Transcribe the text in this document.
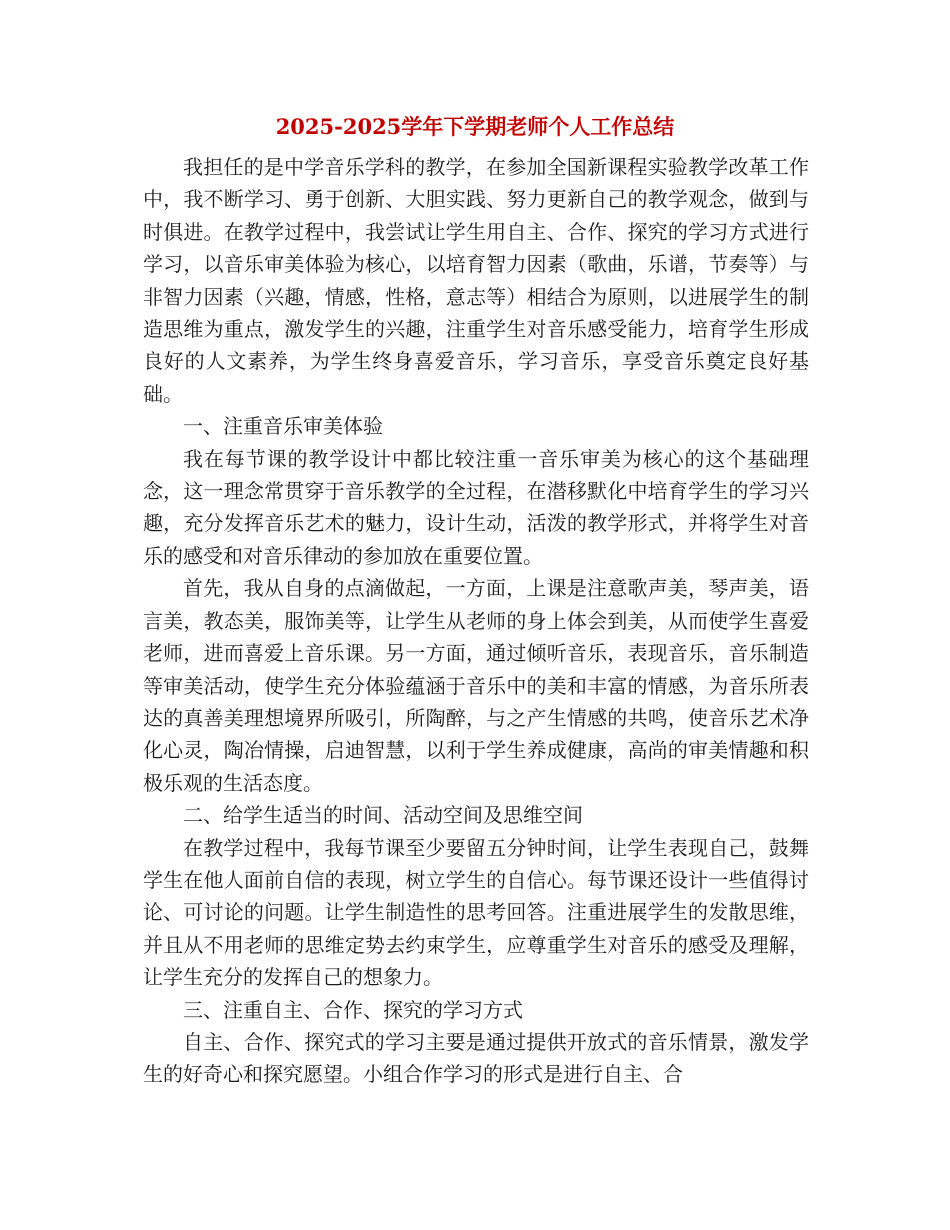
2025-2025学年下学期老师个人工作总结

我担任的是中学音乐学科的教学，在参加全国新课程实验教学改革工作中，我不断学习、勇于创新、大胆实践、努力更新自己的教学观念，做到与时俱进。在教学过程中，我尝试让学生用自主、合作、探究的学习方式进行学习，以音乐审美体验为核心，以培育智力因素（歌曲，乐谱，节奏等）与非智力因素（兴趣，情感，性格，意志等）相结合为原则，以进展学生的制造思维为重点，激发学生的兴趣，注重学生对音乐感受能力，培育学生形成良好的人文素养，为学生终身喜爱音乐，学习音乐，享受音乐奠定良好基础。

一、注重音乐审美体验

我在每节课的教学设计中都比较注重一音乐审美为核心的这个基础理念，这一理念常贯穿于音乐教学的全过程，在潜移默化中培育学生的学习兴趣，充分发挥音乐艺术的魅力，设计生动，活泼的教学形式，并将学生对音乐的感受和对音乐律动的参加放在重要位置。

首先，我从自身的点滴做起，一方面，上课是注意歌声美，琴声美，语言美，教态美，服饰美等，让学生从老师的身上体会到美，从而使学生喜爱老师，进而喜爱上音乐课。另一方面，通过倾听音乐，表现音乐，音乐制造等审美活动，使学生充分体验蕴涵于音乐中的美和丰富的情感，为音乐所表达的真善美理想境界所吸引，所陶醉，与之产生情感的共鸣，使音乐艺术净化心灵，陶冶情操，启迪智慧，以利于学生养成健康，高尚的审美情趣和积极乐观的生活态度。

二、给学生适当的时间、活动空间及思维空间

在教学过程中，我每节课至少要留五分钟时间，让学生表现自己，鼓舞学生在他人面前自信的表现，树立学生的自信心。每节课还设计一些值得讨论、可讨论的问题。让学生制造性的思考回答。注重进展学生的发散思维，并且从不用老师的思维定势去约束学生，应尊重学生对音乐的感受及理解，让学生充分的发挥自己的想象力。

三、注重自主、合作、探究的学习方式

自主、合作、探究式的学习主要是通过提供开放式的音乐情景，激发学生的好奇心和探究愿望。小组合作学习的形式是进行自主、合
